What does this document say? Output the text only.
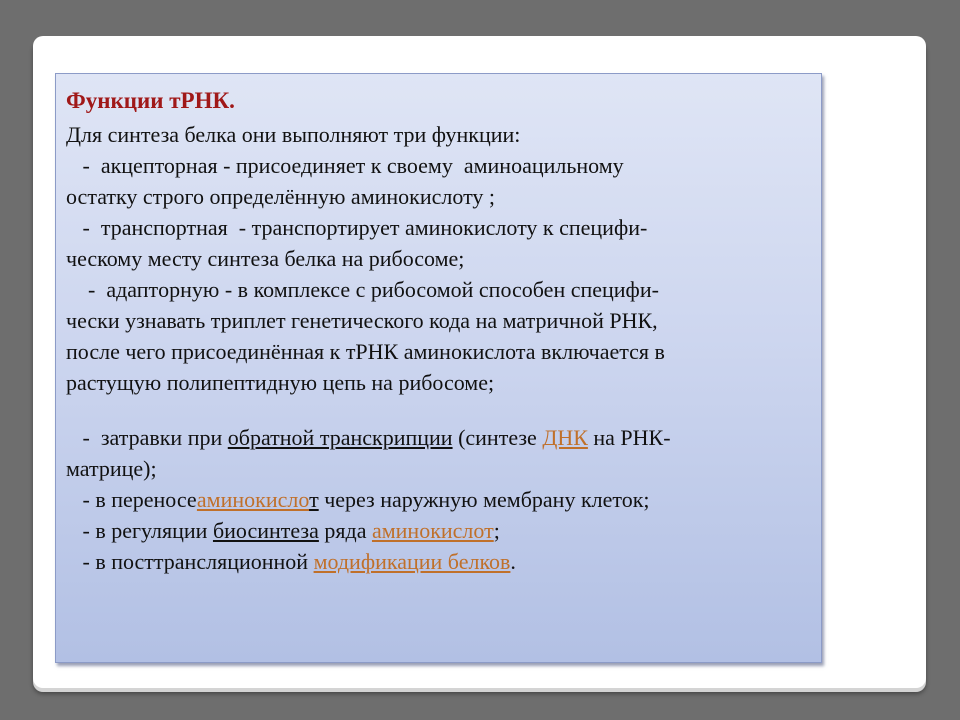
Функции тРНК.
Для синтеза белка они выполняют три функции:
-  акцепторная - присоединяет к своему  аминоацильному
остатку строго определённую аминокислоту ;
-  транспортная  - транспортирует аминокислоту к специфи-
ческому месту синтеза белка на рибосоме;
-  адаптoрную - в комплексе с рибосомой способен специфи-
чески узнавать триплет генетического кода на матричной РНК,
после чего присоединённая к тРНК аминокислота включается в
растущую полипептидную цепь на рибосоме;
-  затравки при обратной транскрипции (синтезе ДНК на РНК-
матрице);
- в переносеаминокислот через наружную мембрану клеток;
- в регуляции биосинтеза ряда аминокислот;
- в посттрансляционной модификации белков.
